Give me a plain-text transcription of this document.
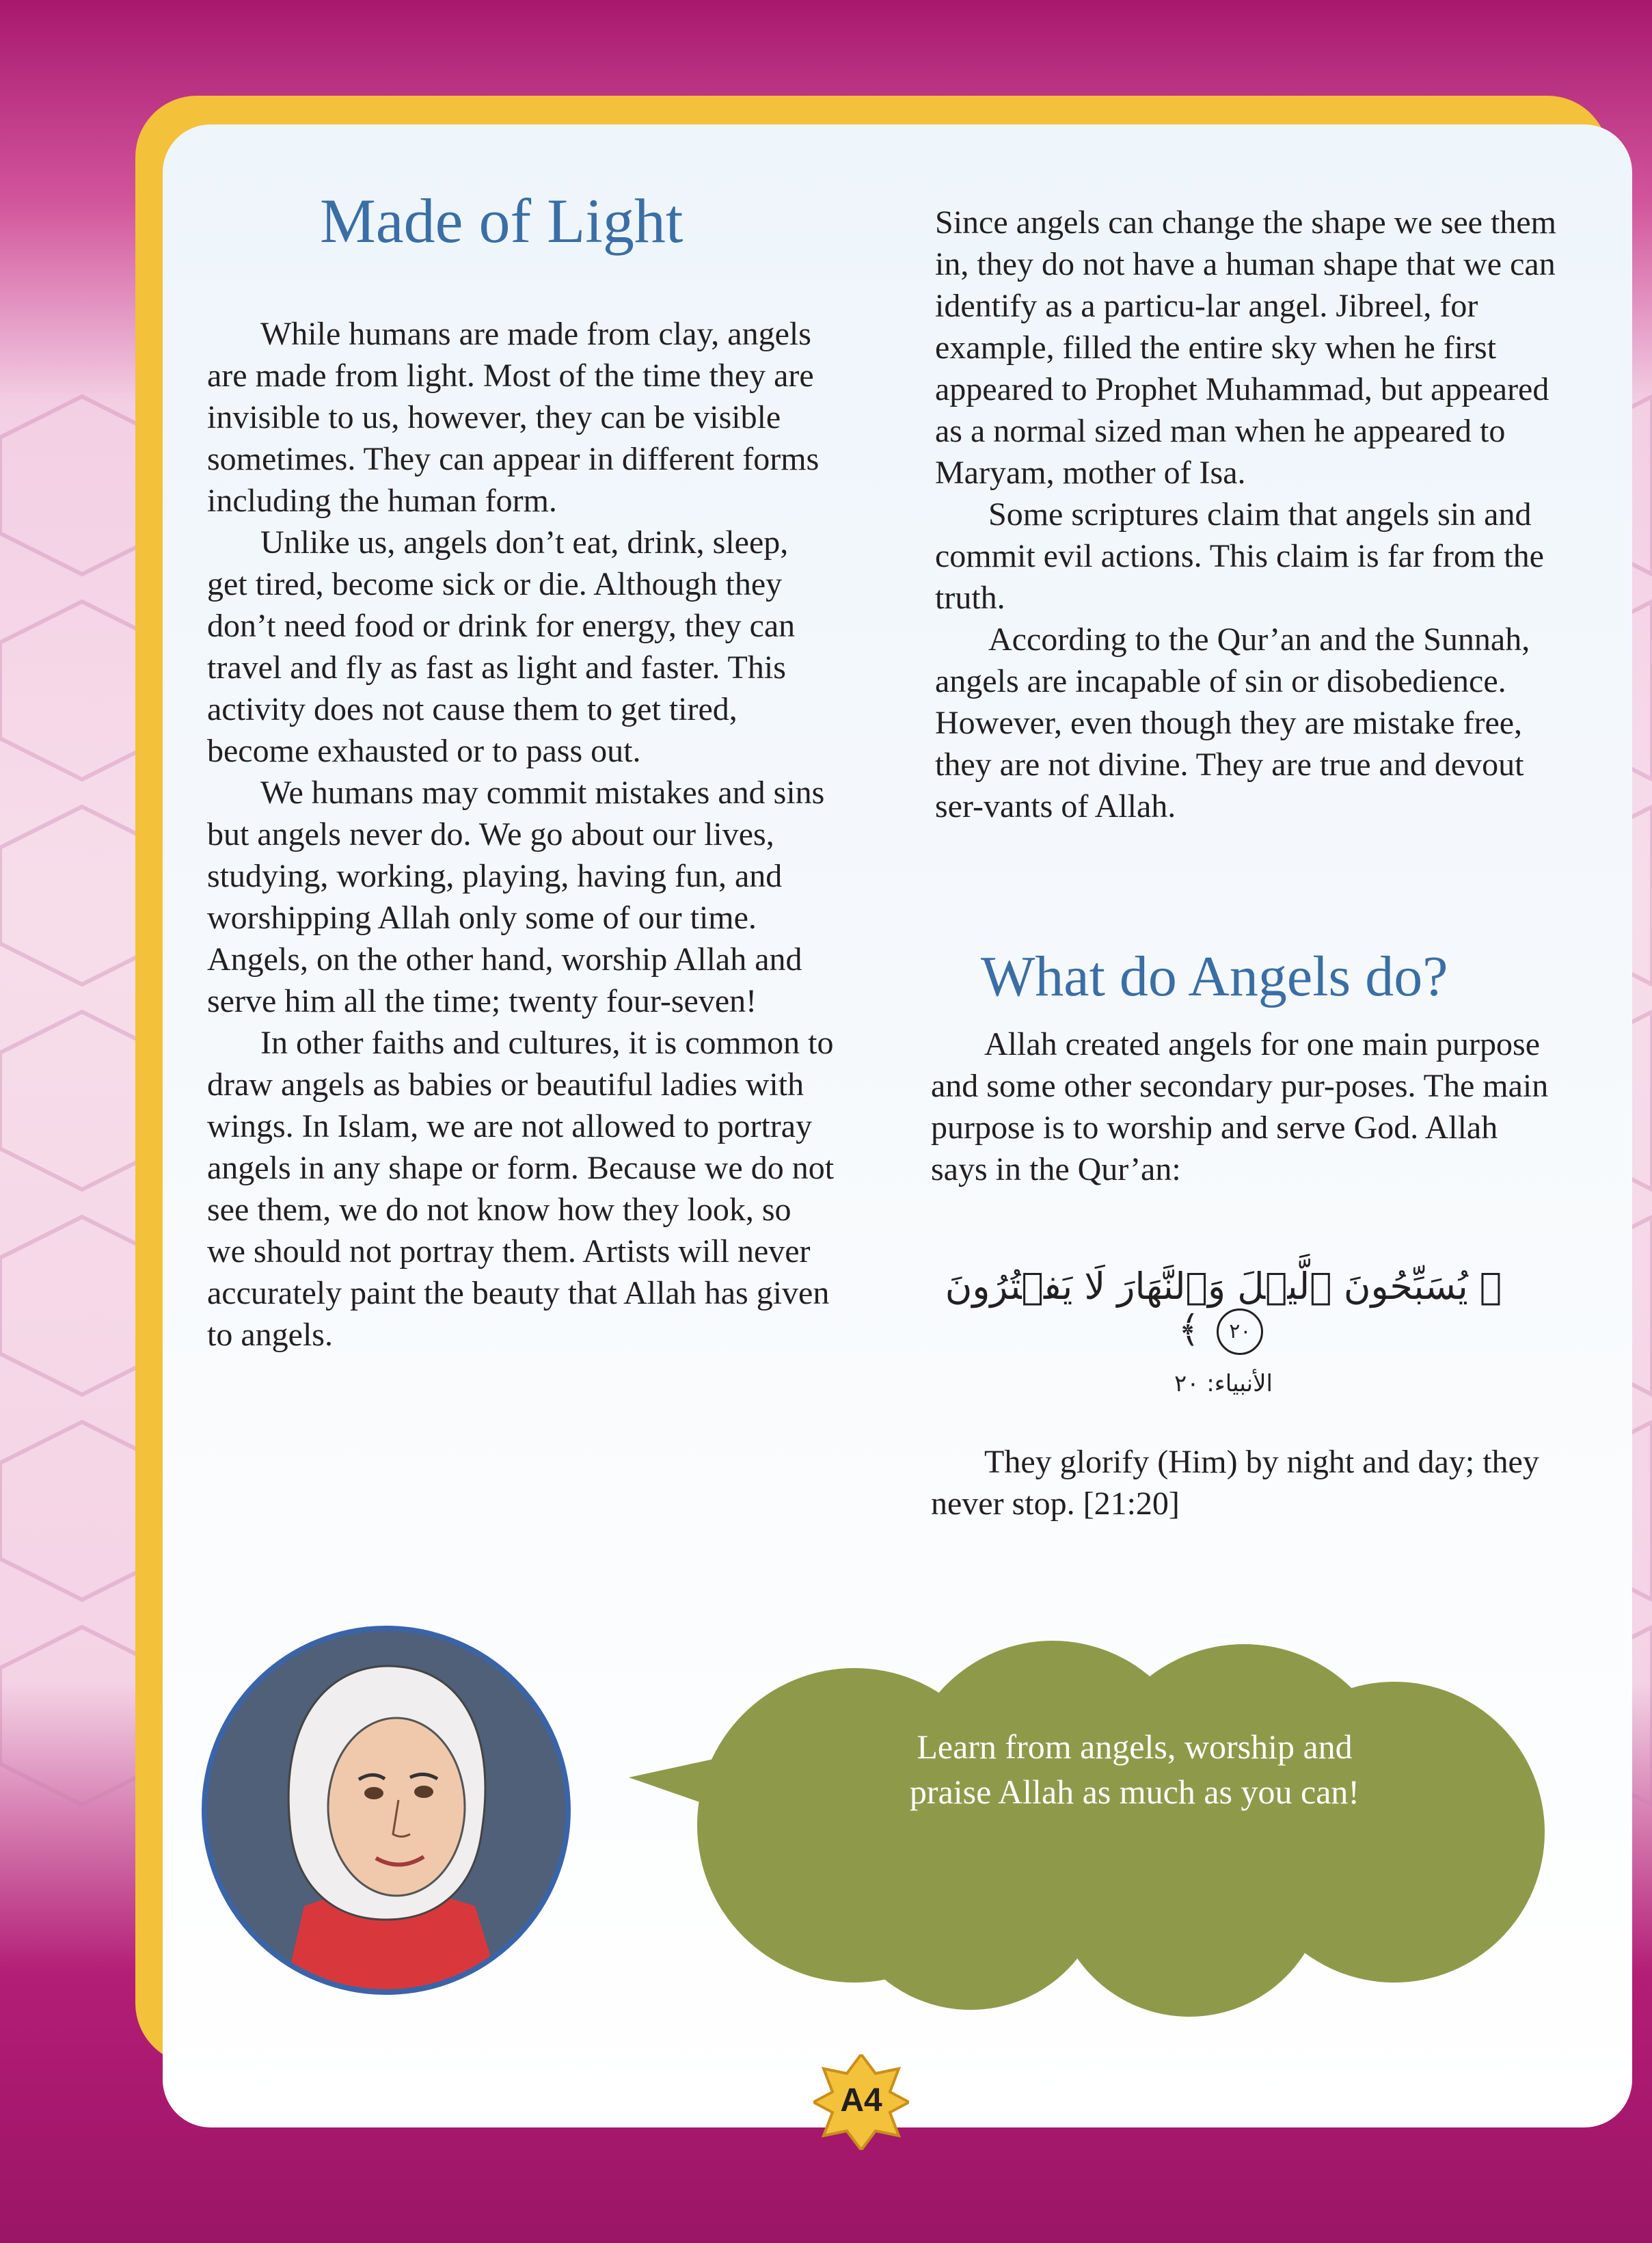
Made of Light

While humans are made from clay, angels are made from light. Most of the time they are invisible to us, however, they can be visible sometimes. They can appear in different forms including the human form.

Unlike us, angels don’t eat, drink, sleep, get tired, become sick or die. Although they don’t need food or drink for energy, they can travel and fly as fast as light and faster. This activity does not cause them to get tired, become exhausted or to pass out.

We humans may commit mistakes and sins but angels never do. We go about our lives, studying, working, playing, having fun, and worshipping Allah only some of our time. Angels, on the other hand, worship Allah and serve him all the time; twenty four-seven!

In other faiths and cultures, it is common to draw angels as babies or beautiful ladies with wings. In Islam, we are not allowed to portray angels in any shape or form. Because we do not see them, we do not know how they look, so we should not portray them. Artists will never accurately paint the beauty that Allah has given to angels.

Since angels can change the shape we see them in, they do not have a human shape that we can identify as a particu-lar angel. Jibreel, for example, filled the entire sky when he first appeared to Prophet Muhammad, but appeared as a normal sized man when he appeared to Maryam, mother of Isa.

Some scriptures claim that angels sin and commit evil actions. This claim is far from the truth.

According to the Qur’an and the Sunnah, angels are incapable of sin or disobedience. However, even though they are mistake free, they are not divine. They are true and devout ser-vants of Allah.

What do Angels do?

Allah created angels for one main purpose and some other secondary pur-poses. The main purpose is to worship and serve God. Allah says in the Qur’an:

﴿ يُسَبِّحُونَ ٱلَّيۡلَ وَٱلنَّهَارَ لَا يَفۡتُرُونَ ٢٠ ﴾
الأنبياء: ٢٠

They glorify (Him) by night and day; they never stop. [21:20]

Learn from angels, worship and
praise Allah as much as you can!
A4
